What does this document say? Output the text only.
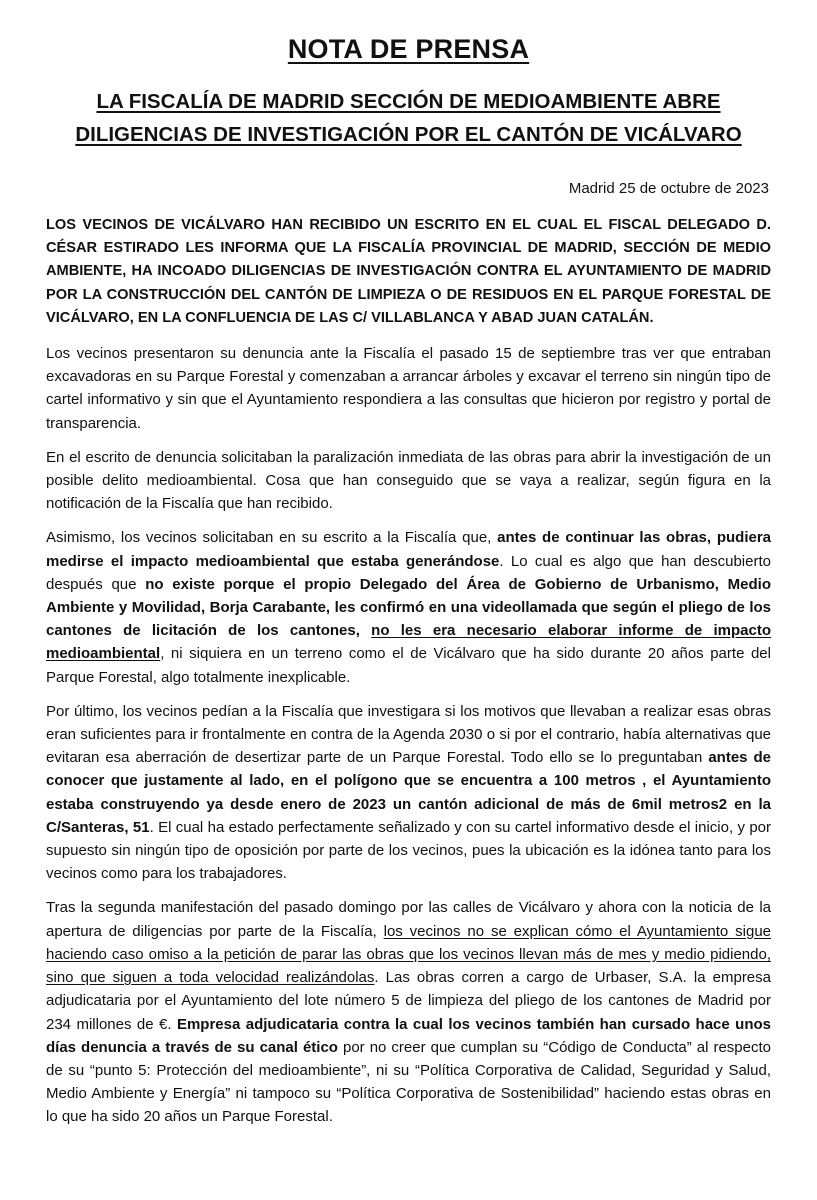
NOTA DE PRENSA
LA FISCALÍA DE MADRID SECCIÓN DE MEDIOAMBIENTE ABRE
DILIGENCIAS DE INVESTIGACIÓN POR EL CANTÓN DE VICÁLVARO
Madrid 25 de octubre de 2023

LOS VECINOS DE VICÁLVARO HAN RECIBIDO UN ESCRITO EN EL CUAL EL FISCAL DELEGADO D. CÉSAR ESTIRADO LES INFORMA QUE LA FISCALÍA PROVINCIAL DE MADRID, SECCIÓN DE MEDIO AMBIENTE, HA INCOADO DILIGENCIAS DE INVESTIGACIÓN CONTRA EL AYUNTAMIENTO DE MADRID POR LA CONSTRUCCIÓN DEL CANTÓN DE LIMPIEZA O DE RESIDUOS EN EL PARQUE FORESTAL DE VICÁLVARO, EN LA CONFLUENCIA DE LAS C/ VILLABLANCA Y ABAD JUAN CATALÁN.

Los vecinos presentaron su denuncia ante la Fiscalía el pasado 15 de septiembre tras ver que entraban excavadoras en su Parque Forestal y comenzaban a arrancar árboles y excavar el terreno sin ningún tipo de cartel informativo y sin que el Ayuntamiento respondiera a las consultas que hicieron por registro y portal de transparencia.

En el escrito de denuncia solicitaban la paralización inmediata de las obras para abrir la investigación de un posible delito medioambiental. Cosa que han conseguido que se vaya a realizar, según figura en la notificación de la Fiscalía que han recibido.

Asimismo, los vecinos solicitaban en su escrito a la Fiscalía que, antes de continuar las obras, pudiera medirse el impacto medioambiental que estaba generándose. Lo cual es algo que han descubierto después que no existe porque el propio Delegado del Área de Gobierno de Urbanismo, Medio Ambiente y Movilidad, Borja Carabante, les confirmó en una videollamada que según el pliego de los cantones de licitación de los cantones, no les era necesario elaborar informe de impacto medioambiental, ni siquiera en un terreno como el de Vicálvaro que ha sido durante 20 años parte del Parque Forestal, algo totalmente inexplicable.

Por último, los vecinos pedían a la Fiscalía que investigara si los motivos que llevaban a realizar esas obras eran suficientes para ir frontalmente en contra de la Agenda 2030 o si por el contrario, había alternativas que evitaran esa aberración de desertizar parte de un Parque Forestal. Todo ello se lo preguntaban antes de conocer que justamente al lado, en el polígono que se encuentra a 100 metros , el Ayuntamiento estaba construyendo ya desde enero de 2023 un cantón adicional de más de 6mil metros2 en la C/Santeras, 51. El cual ha estado perfectamente señalizado y con su cartel informativo desde el inicio, y por supuesto sin ningún tipo de oposición por parte de los vecinos, pues la ubicación es la idónea tanto para los vecinos como para los trabajadores.

Tras la segunda manifestación del pasado domingo por las calles de Vicálvaro y ahora con la noticia de la apertura de diligencias por parte de la Fiscalía, los vecinos no se explican cómo el Ayuntamiento sigue haciendo caso omiso a la petición de parar las obras que los vecinos llevan más de mes y medio pidiendo, sino que siguen a toda velocidad realizándolas. Las obras corren a cargo de Urbaser, S.A. la empresa adjudicataria por el Ayuntamiento del lote número 5 de limpieza del pliego de los cantones de Madrid por 234 millones de €. Empresa adjudicataria contra la cual los vecinos también han cursado hace unos días denuncia a través de su canal ético por no creer que cumplan su “Código de Conducta” al respecto de su “punto 5: Protección del medioambiente”, ni su “Política Corporativa de Calidad, Seguridad y Salud, Medio Ambiente y Energía” ni tampoco su “Política Corporativa de Sostenibilidad” haciendo estas obras en lo que ha sido 20 años un Parque Forestal.
